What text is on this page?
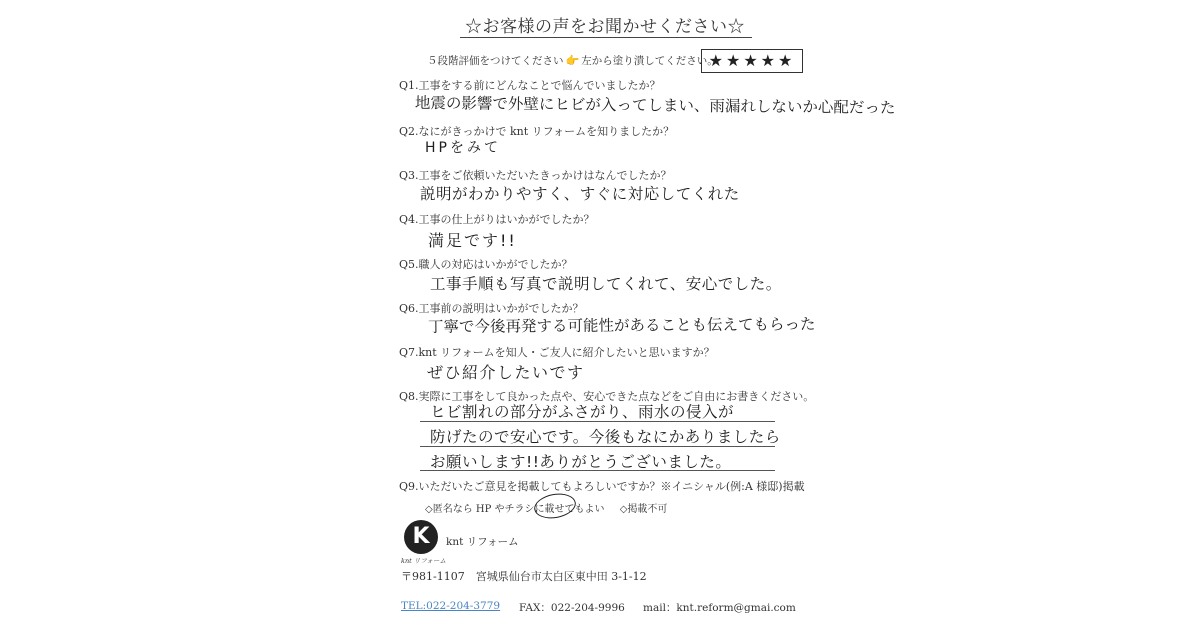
☆お客様の声をお聞かせください☆
５段階評価をつけてください 👉 左から塗り潰してください。
★★★★★
Q1.工事をする前にどんなことで悩んでいましたか？
地震の影響で外壁にヒビが入ってしまい、雨漏れしないか心配だった
Q2.なにがきっかけで knt リフォームを知りましたか？
HPをみて
Q3.工事をご依頼いただいたきっかけはなんでしたか？
説明がわかりやすく、すぐに対応してくれた
Q4.工事の仕上がりはいかがでしたか？
満足です!!
Q5.職人の対応はいかがでしたか？
工事手順も写真で説明してくれて、安心でした。
Q6.工事前の説明はいかがでしたか？
丁寧で今後再発する可能性があることも伝えてもらった
Q7.knt リフォームを知人・ご友人に紹介したいと思いますか？
ぜひ紹介したいです
Q8.実際に工事をして良かった点や、安心できた点などをご自由にお書きください。
ヒビ割れの部分がふさがり、雨水の侵入が
防げたので安心です。今後もなにかありましたら
お願いします!!ありがとうございました。
Q9.いただいたご意見を掲載してもよろしいですか？※イニシャル(例:A 様邸)掲載
◇匿名なら HP やチラシに載せてもよい ◇掲載不可
K
knt リフォーム
knt リフォーム
〒981-1107　宮城県仙台市太白区東中田 3-1-12
TEL:022-204-3779 FAX：022-204-9996 mail：knt.reform@gmai.com
